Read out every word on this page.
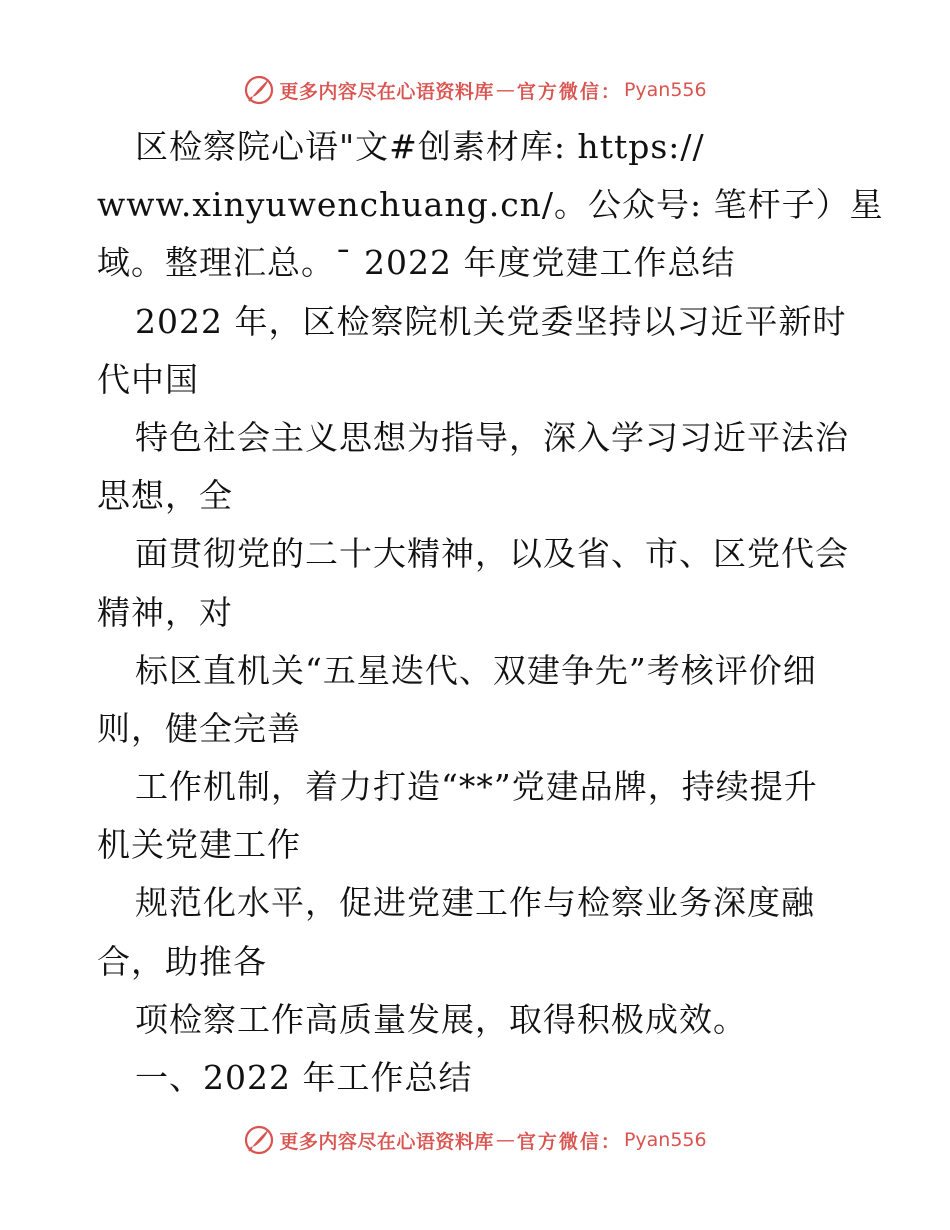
更多内容尽在心语资料库 — 官方微信： Pyan556
区检察院心语"文#创素材库: https://
www.xinyuwenchuang.cn/。公众号: 笔杆子）星
域。整理汇总。¯ 2022 年度党建工作总结
2022 年，区检察院机关党委坚持以习近平新时
代中国
特色社会主义思想为指导，深入学习习近平法治
思想，全
面贯彻党的二十大精神，以及省、市、区党代会
精神，对
标区直机关“五星迭代、双建争先”考核评价细
则，健全完善
工作机制，着力打造“**”党建品牌，持续提升
机关党建工作
规范化水平，促进党建工作与检察业务深度融
合，助推各
项检察工作高质量发展，取得积极成效。
一、2022 年工作总结
更多内容尽在心语资料库 — 官方微信： Pyan556
